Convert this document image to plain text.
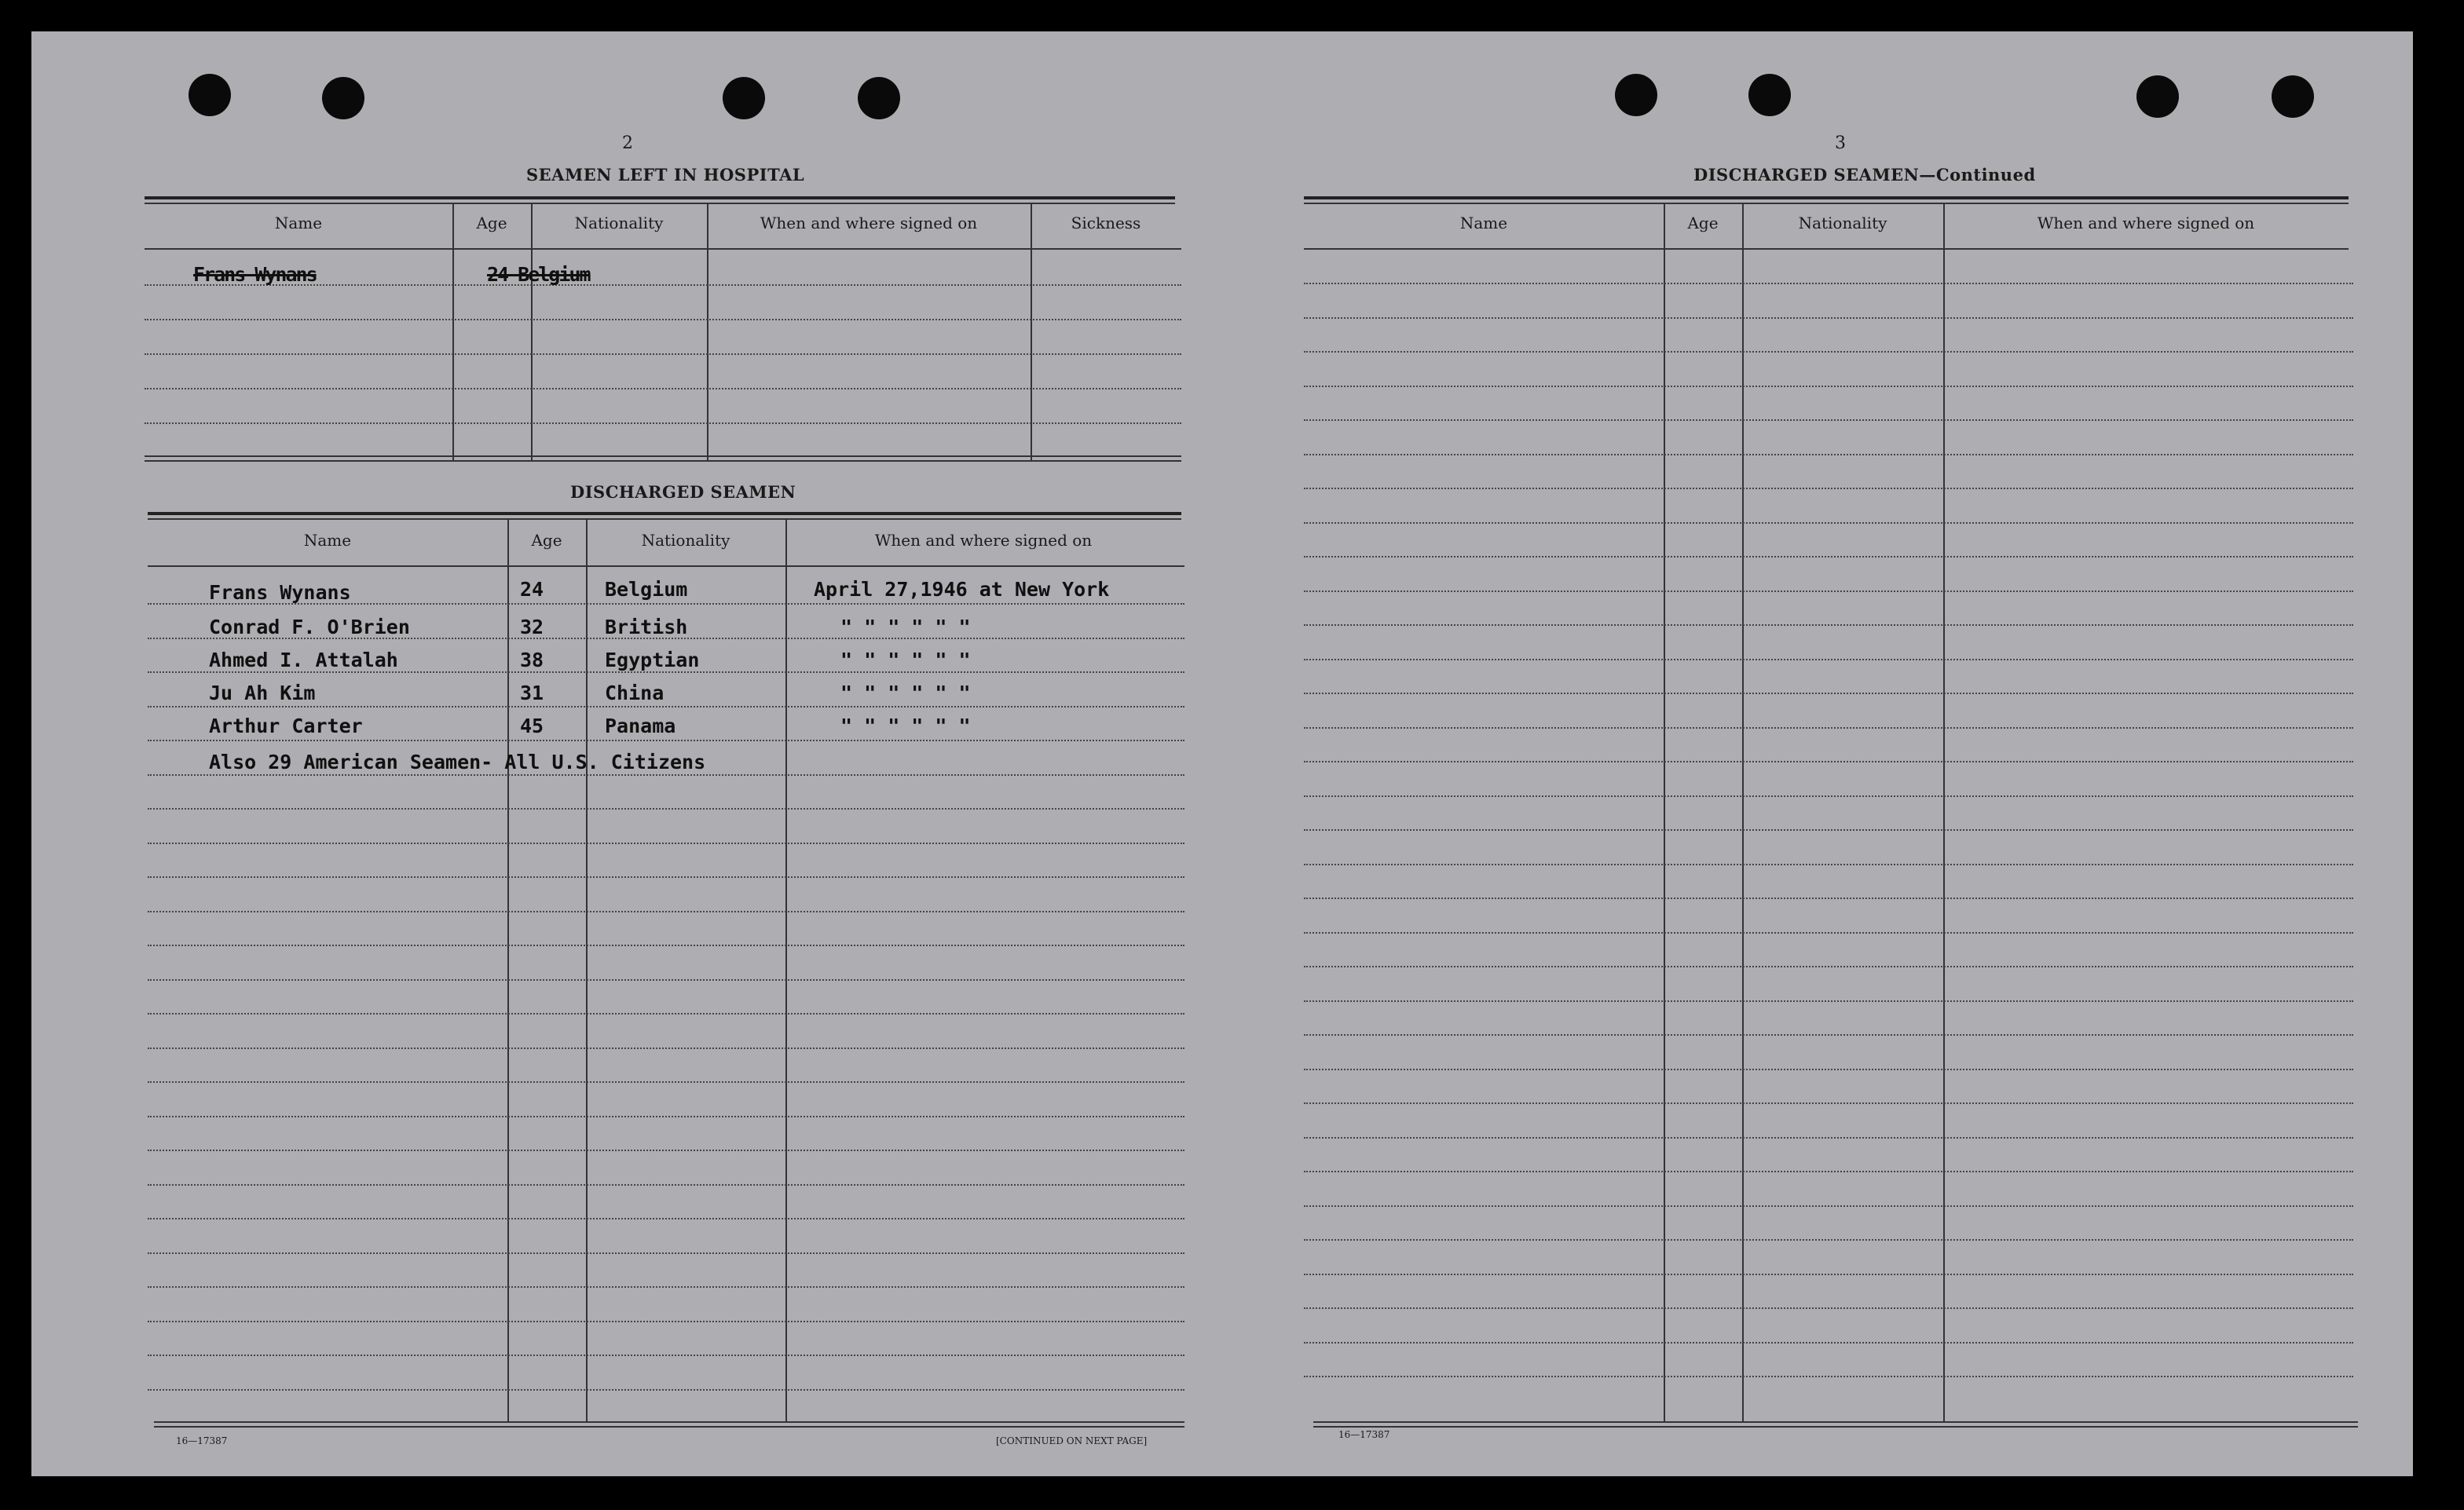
2
SEAMEN LEFT IN HOSPITAL
Name	Age	Nationality	When and where signed on	Sickness
Frans Wynans	24 Belgium
DISCHARGED SEAMEN
Name	Age	Nationality	When and where signed on
Frans Wynans	24	Belgium	April 27,1946 at New York
Conrad F. O'Brien	32	British	" " " " " "
Ahmed I. Attalah	38	Egyptian	" " " " " "
Ju Ah Kim	31	China	" " " " " "
Arthur Carter	45	Panama	" " " " " "
Also 29 American Seamen- All U.S. Citizens
16—17387	[CONTINUED ON NEXT PAGE]
3
DISCHARGED SEAMEN—Continued
Name	Age	Nationality	When and where signed on
16—17387
